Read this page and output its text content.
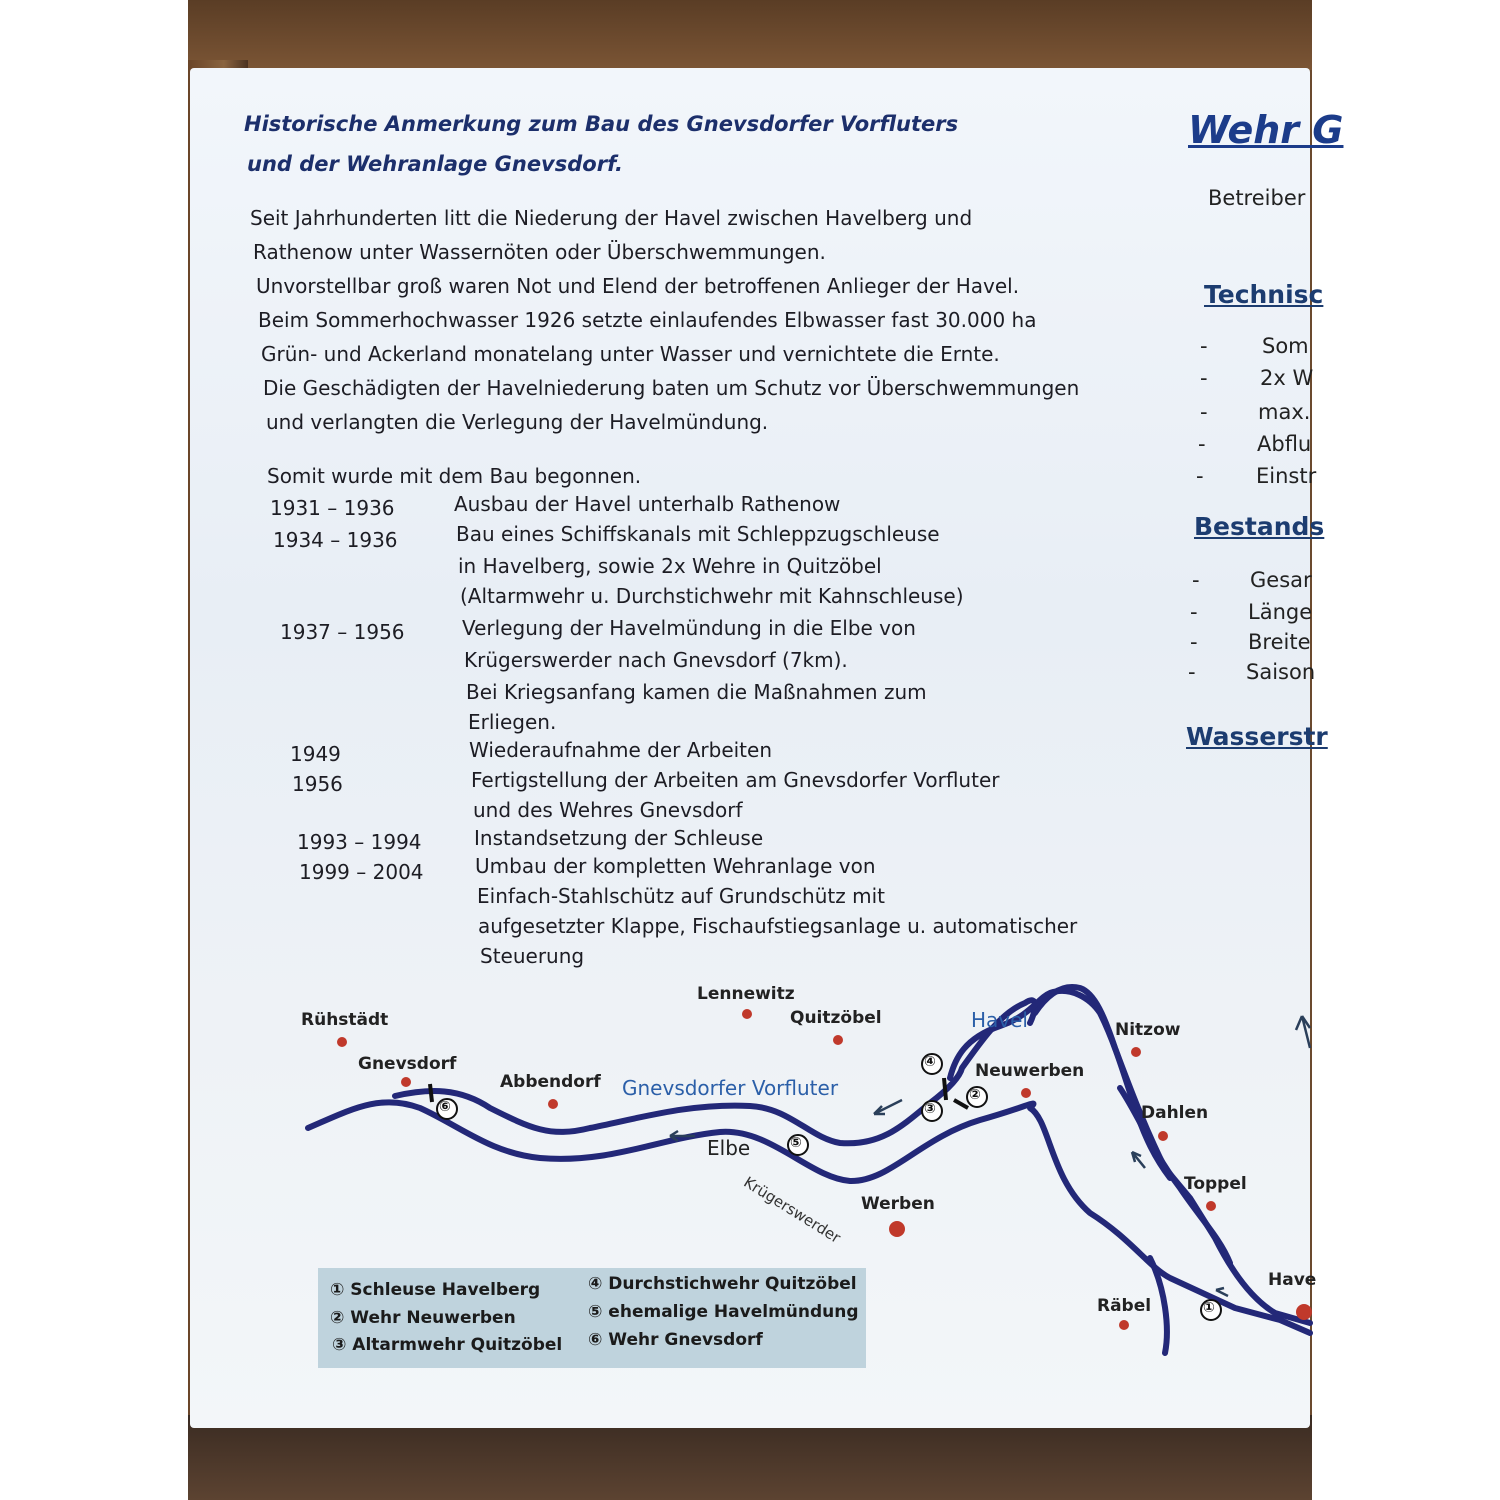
Historische Anmerkung zum Bau des Gnevsdorfer Vorfluters
und der Wehranlage Gnevsdorf.
Seit Jahrhunderten litt die Niederung der Havel zwischen Havelberg und
Rathenow unter Wassernöten oder Überschwemmungen.
Unvorstellbar groß waren Not und Elend der betroffenen Anlieger der Havel.
Beim Sommerhochwasser 1926 setzte einlaufendes Elbwasser fast 30.000 ha
Grün- und Ackerland monatelang unter Wasser und vernichtete die Ernte.
Die Geschädigten der Havelniederung baten um Schutz vor Überschwemmungen
und verlangten die Verlegung der Havelmündung.
Somit wurde mit dem Bau begonnen.
1931 – 1936	Ausbau der Havel unterhalb Rathenow
1934 – 1936	Bau eines Schiffskanals mit Schleppzugschleuse
in Havelberg, sowie 2x Wehre in Quitzöbel
(Altarmwehr u. Durchstichwehr mit Kahnschleuse)
1937 – 1956	Verlegung der Havelmündung in die Elbe von
Krügerswerder nach Gnevsdorf (7km).
Bei Kriegsanfang kamen die Maßnahmen zum
Erliegen.
1949	Wiederaufnahme der Arbeiten
1956	Fertigstellung der Arbeiten am Gnevsdorfer Vorfluter
und des Wehres Gnevsdorf
1993 – 1994	Instandsetzung der Schleuse
1999 – 2004	Umbau der kompletten Wehranlage von
Einfach-Stahlschütz auf Grundschütz mit
aufgesetzter Klappe, Fischaufstiegsanlage u. automatischer
Steuerung
Wehr G
Betreiber
Technisc
-	Som
- 2x W
- max.
- Abflu
- Einstr
Bestands
- Gesar
- Länge
- Breite
- Saison
Wasserstr
Rühstädt
Gnevsdorf
Abbendorf
Lennewitz
Quitzöbel
Nitzow
Neuwerben
Dahlen
Toppel
Werben
Räbel
Have
Havel
Gnevsdorfer Vorfluter
Elbe
Krügerswerder
⑥
⑤
④
③
②
①
① Schleuse Havelberg
② Wehr Neuwerben
③ Altarmwehr Quitzöbel
④ Durchstichwehr Quitzöbel
⑤ ehemalige Havelmündung
⑥ Wehr Gnevsdorf
